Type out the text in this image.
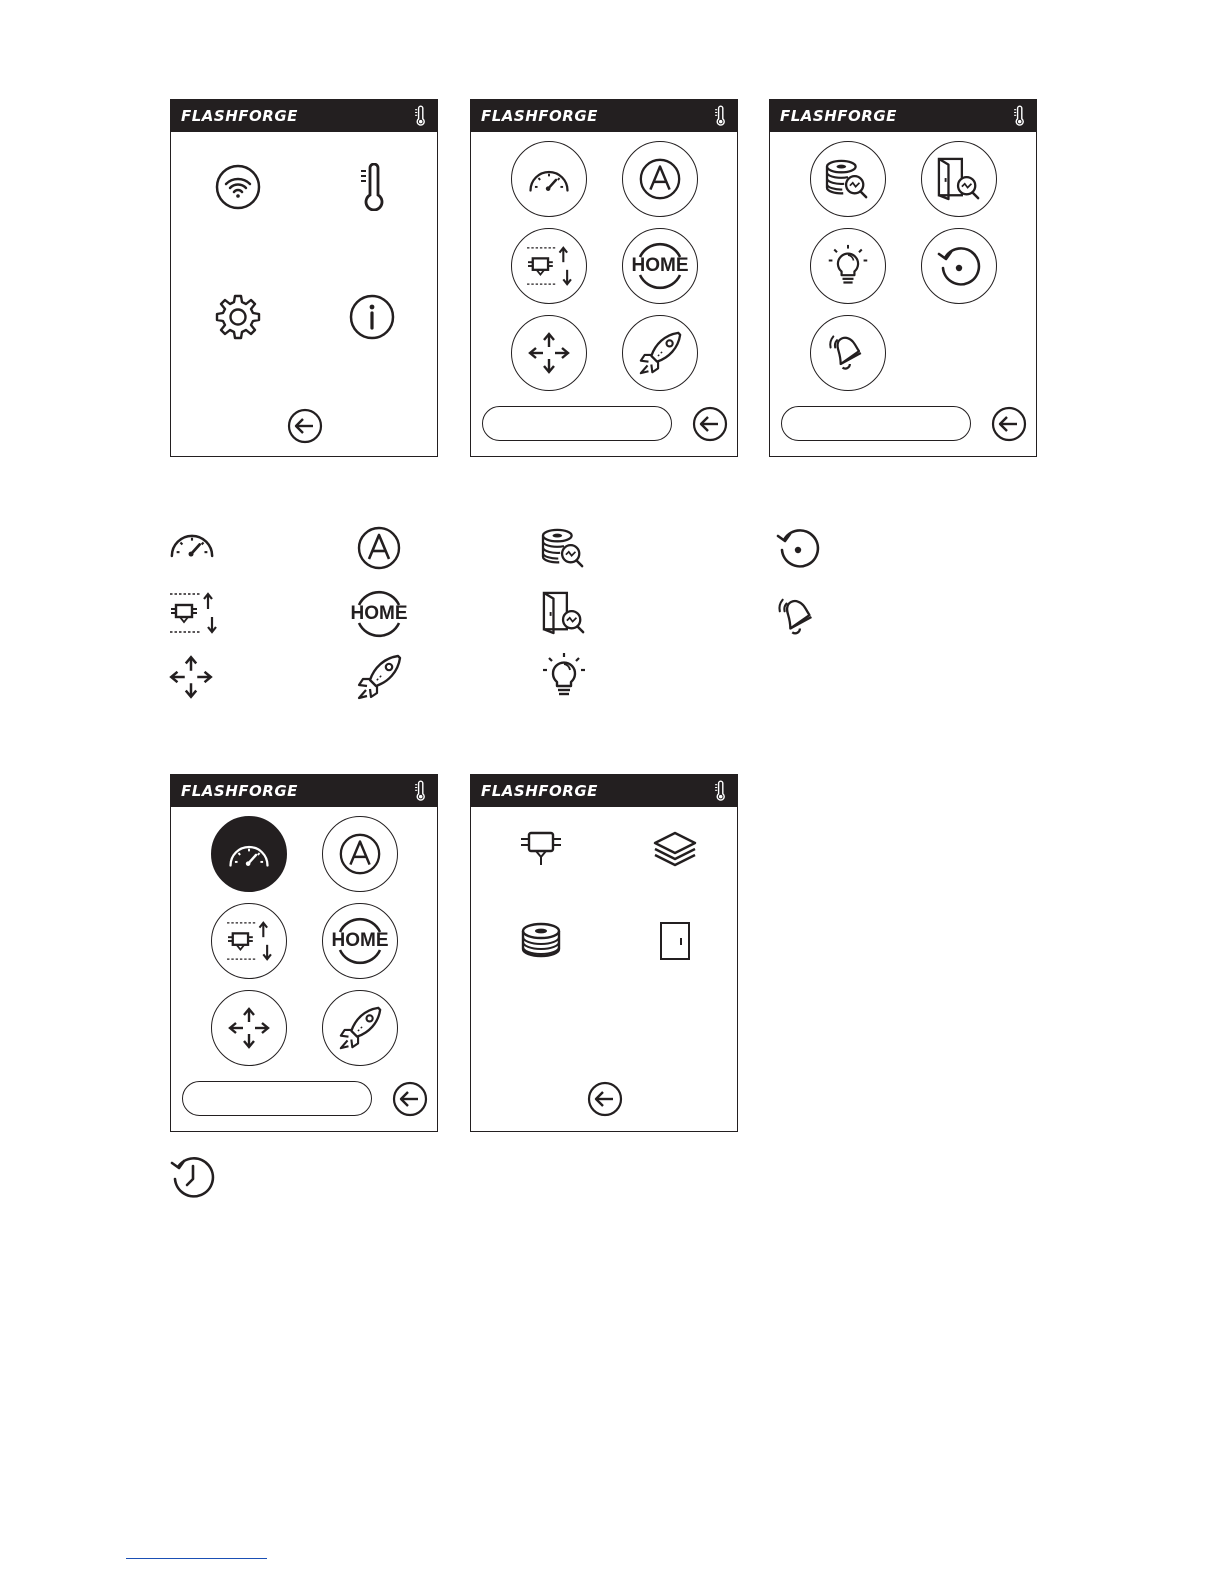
FLASHFORGE	FLASHFORGE
HOME
FLASHFORGE
HOME
FLASHFORGE
HOME
FLASHFORGE
